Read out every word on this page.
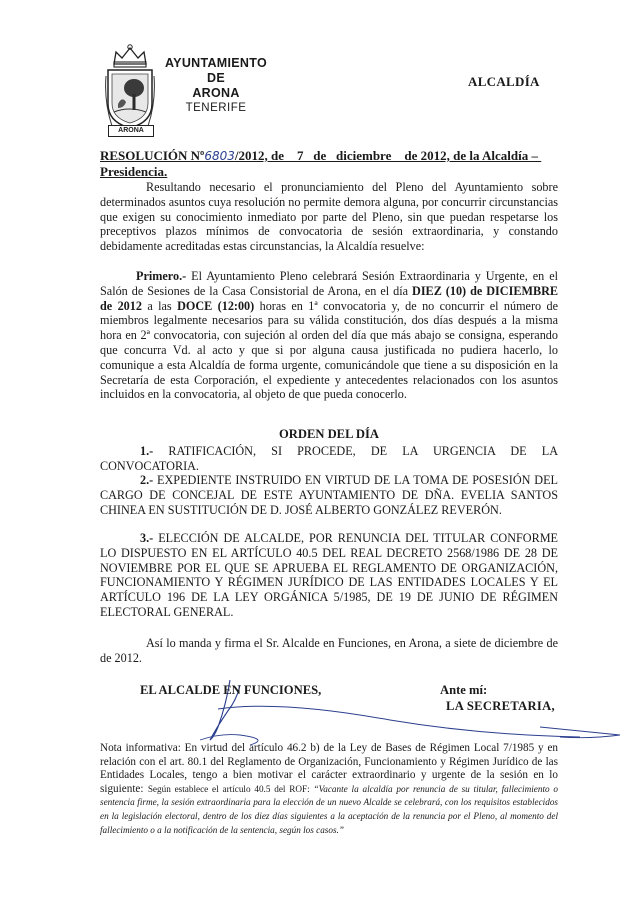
ARONA
AYUNTAMIENTO
DE
ARONA
TENERIFE
ALCALDÍA
RESOLUCIÓN Nº6803/2012, de    7   de   diciembre    de 2012, de la Alcaldía – Presidencia.
Resultando necesario el pronunciamiento del Pleno del Ayuntamiento sobre determinados asuntos cuya resolución no permite demora alguna, por concurrir circunstancias que exigen su conocimiento inmediato por parte del Pleno, sin que puedan respetarse los preceptivos plazos mínimos de convocatoria de sesión extraordinaria, y constando debidamente acreditadas estas circunstancias, la Alcaldía resuelve:
Primero.- El Ayuntamiento Pleno celebrará Sesión Extraordinaria y Urgente, en el Salón de Sesiones de la Casa Consistorial de Arona, en el día DIEZ (10) de DICIEMBRE de 2012 a las DOCE (12:00) horas en 1ª convocatoria y, de no concurrir el número de miembros legalmente necesarios para su válida constitución, dos días después a la misma hora en 2ª convocatoria, con sujeción al orden del día que más abajo se consigna, esperando que concurra Vd. al acto y que si por alguna causa justificada no pudiera hacerlo, lo comunique a esta Alcaldía de forma urgente, comunicándole que tiene a su disposición en la Secretaría de esta Corporación, el expediente y antecedentes relacionados con los asuntos incluidos en la convocatoria, al objeto de que pueda conocerlo.
ORDEN DEL DÍA
1.- RATIFICACIÓN, SI PROCEDE, DE LA URGENCIA DE LA CONVOCATORIA.
2.- EXPEDIENTE INSTRUIDO EN VIRTUD DE LA TOMA DE POSESIÓN DEL CARGO DE CONCEJAL DE ESTE AYUNTAMIENTO DE DÑA. EVELIA SANTOS CHINEA EN SUSTITUCIÓN DE D. JOSÉ ALBERTO GONZÁLEZ REVERÓN.
3.- ELECCIÓN DE ALCALDE, POR RENUNCIA DEL TITULAR CONFORME LO DISPUESTO EN EL ARTÍCULO 40.5 DEL REAL DECRETO 2568/1986 DE 28 DE NOVIEMBRE POR EL QUE SE APRUEBA EL REGLAMENTO DE ORGANIZACIÓN, FUNCIONAMIENTO Y RÉGIMEN JURÍDICO DE LAS ENTIDADES LOCALES Y EL ARTÍCULO 196 DE LA LEY ORGÁNICA 5/1985, DE 19 DE JUNIO DE RÉGIMEN ELECTORAL GENERAL.
Así lo manda y firma el Sr. Alcalde en Funciones, en Arona, a siete de diciembre de de 2012.
EL ALCALDE EN FUNCIONES,	Ante mí:
LA SECRETARIA,
Nota informativa: En virtud del artículo 46.2 b) de la Ley de Bases de Régimen Local 7/1985 y en relación con el art. 80.1 del Reglamento de Organización, Funcionamiento y Régimen Jurídico de las Entidades Locales, tengo a bien motivar el carácter extraordinario y urgente de la sesión en lo siguiente: Según establece el artículo 40.5 del ROF: “Vacante la alcaldía por renuncia de su titular, fallecimiento o sentencia firme, la sesión extraordinaria para la elección de un nuevo Alcalde se celebrará, con los requisitos establecidos en la legislación electoral, dentro de los diez días siguientes a la aceptación de la renuncia por el Pleno, al momento del fallecimiento o a la notificación de la sentencia, según los casos.”
